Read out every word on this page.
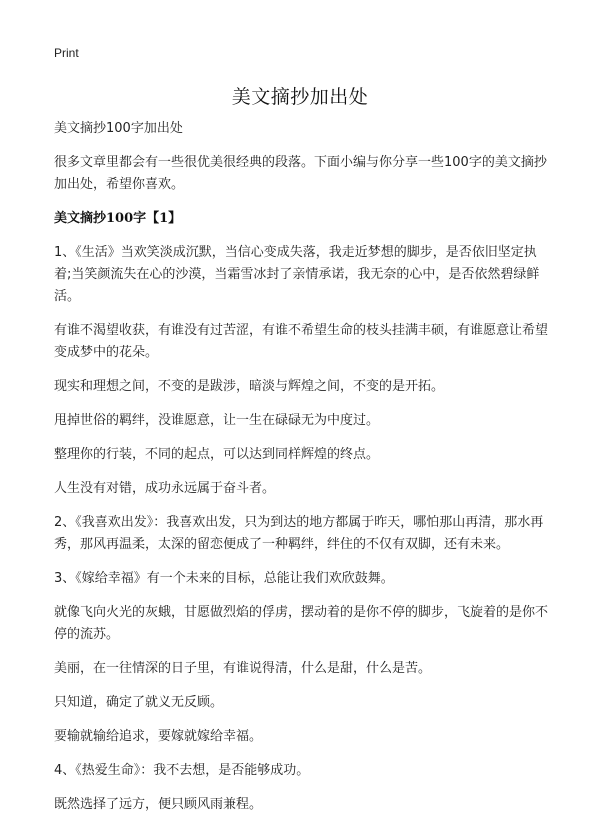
Print
美文摘抄加出处

美文摘抄100字加出处

很多文章里都会有一些很优美很经典的段落。下面小编与你分享一些100字的美文摘抄加出处，希望你喜欢。

美文摘抄100字【1】

1、《生活》当欢笑淡成沉默，当信心变成失落，我走近梦想的脚步，是否依旧坚定执着;当笑颜流失在心的沙漠，当霜雪冰封了亲情承诺，我无奈的心中，是否依然碧绿鲜活。

有谁不渴望收获，有谁没有过苦涩，有谁不希望生命的枝头挂满丰硕，有谁愿意让希望变成梦中的花朵。

现实和理想之间，不变的是跋涉，暗淡与辉煌之间，不变的是开拓。

甩掉世俗的羁绊，没谁愿意，让一生在碌碌无为中度过。

整理你的行装，不同的起点，可以达到同样辉煌的终点。

人生没有对错，成功永远属于奋斗者。

2、《我喜欢出发》：我喜欢出发，只为到达的地方都属于昨天，哪怕那山再清，那水再秀，那风再温柔，太深的留恋便成了一种羁绊，绊住的不仅有双脚，还有未来。

3、《嫁给幸福》有一个未来的目标，总能让我们欢欣鼓舞。

就像飞向火光的灰蛾，甘愿做烈焰的俘虏，摆动着的是你不停的脚步，飞旋着的是你不停的流苏。

美丽，在一往情深的日子里，有谁说得清，什么是甜，什么是苦。

只知道，确定了就义无反顾。

要输就输给追求，要嫁就嫁给幸福。

4、《热爱生命》：我不去想，是否能够成功。

既然选择了远方，便只顾风雨兼程。
